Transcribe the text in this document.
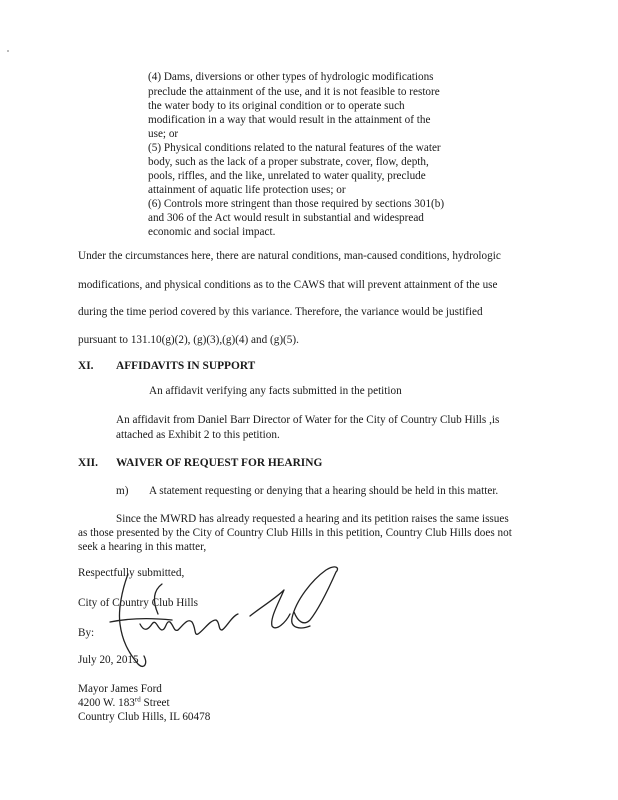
(4) Dams, diversions or other types of hydrologic modifications
preclude the attainment of the use, and it is not feasible to restore
the water body to its original condition or to operate such
modification in a way that would result in the attainment of the
use; or
(5) Physical conditions related to the natural features of the water
body, such as the lack of a proper substrate, cover, flow, depth,
pools, riffles, and the like, unrelated to water quality, preclude
attainment of aquatic life protection uses; or
(6) Controls more stringent than those required by sections 301(b)
and 306 of the Act would result in substantial and widespread
economic and social impact.
Under the circumstances here, there are natural conditions, man-caused conditions, hydrologic
modifications, and physical conditions as to the CAWS that will prevent attainment of the use
during the time period covered by this variance. Therefore, the variance would be justified
pursuant to 131.10(g)(2), (g)(3),(g)(4) and (g)(5).
XI. AFFIDAVITS IN SUPPORT
An affidavit verifying any facts submitted in the petition
An affidavit from Daniel Barr Director of Water for the City of Country Club Hills ,is
attached as Exhibit 2 to this petition.
XII. WAIVER OF REQUEST FOR HEARING
m) A statement requesting or denying that a hearing should be held in this matter.
Since the MWRD has already requested a hearing and its petition raises the same issues
as those presented by the City of Country Club Hills in this petition, Country Club Hills does not
seek a hearing in this matter,
Respectfully submitted,
City of Country Club Hills
By:
July 20, 2015
Mayor James Ford
4200 W. 183rd Street
Country Club Hills, IL 60478
